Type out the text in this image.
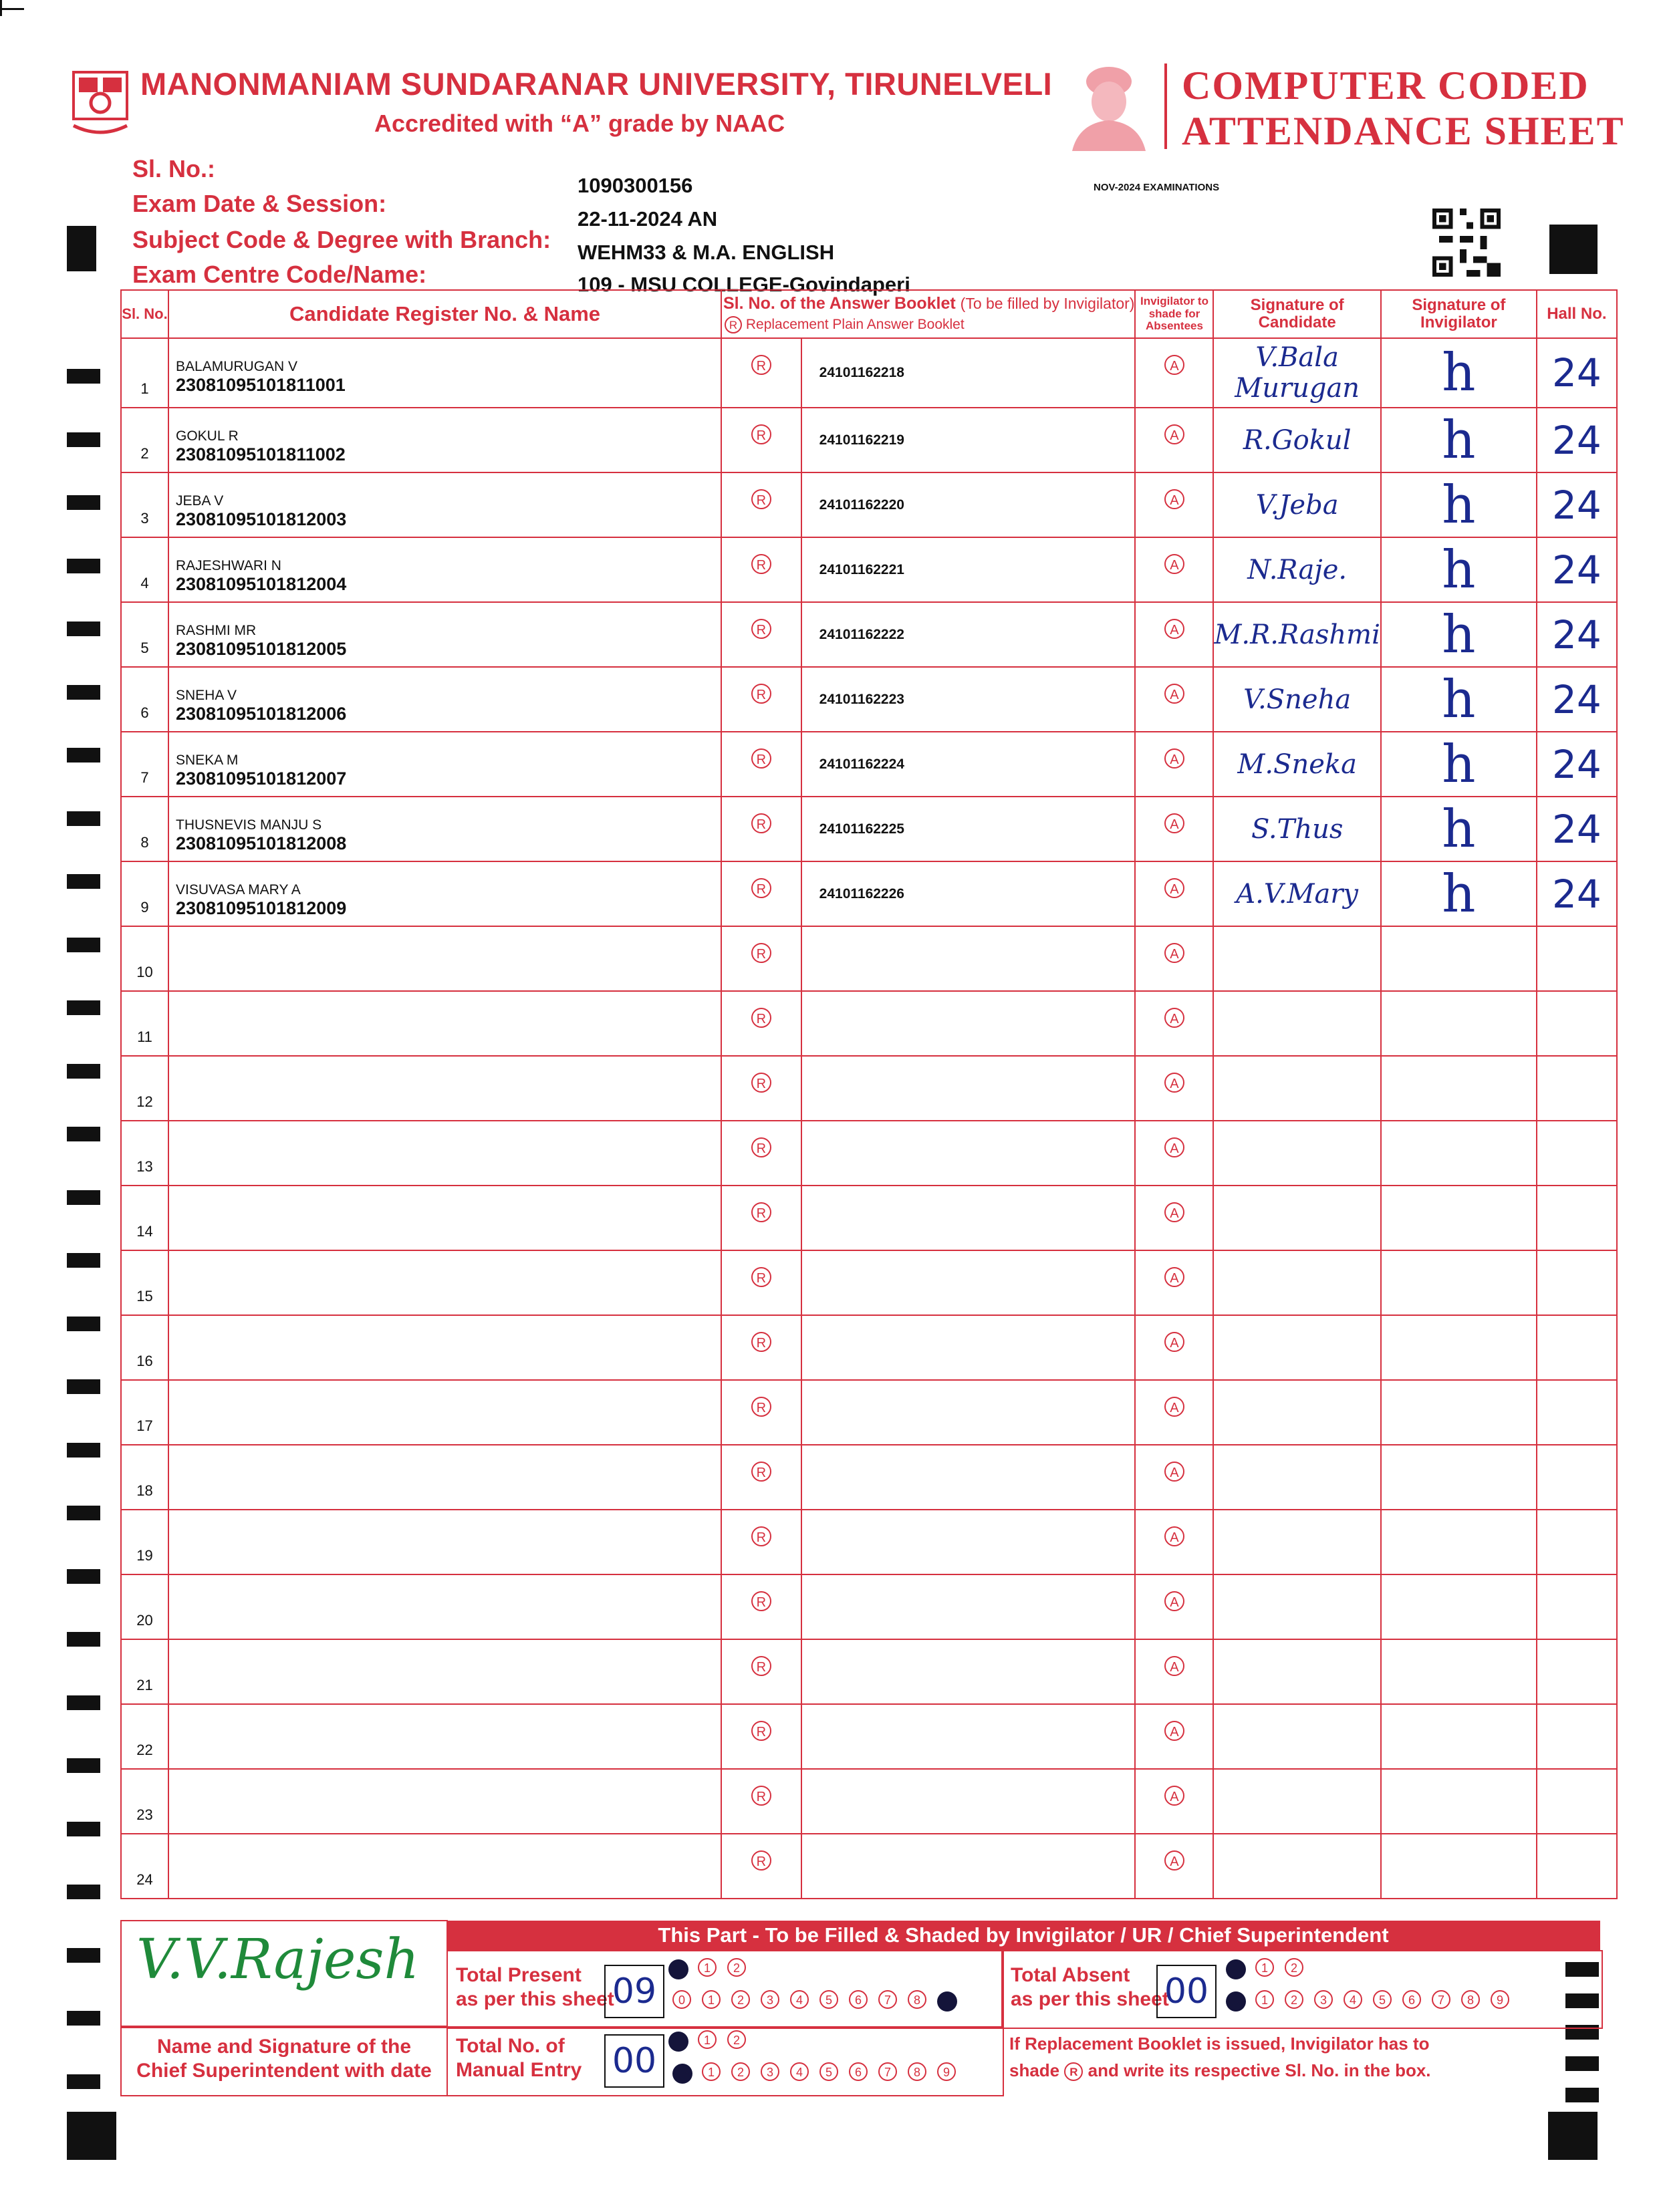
MANONMANIAM SUNDARANAR UNIVERSITY, TIRUNELVELI
Accredited with “A” grade by NAAC
COMPUTER CODED
ATTENDANCE SHEET
Sl. No.:
Exam Date & Session:
Subject Code & Degree with Branch:
Exam Centre Code/Name:
1090300156
22-11-2024 AN
WEHM33 & M.A. ENGLISH
109 - MSU COLLEGE-Govindaperi
NOV-2024 EXAMINATIONS
Sl. No.	Candidate Register No. & Name	Sl. No. of the Answer Booklet (To be filled by Invigilator)
R Replacement Plain Answer Booklet		Invigilator to shade for Absentees	Signature of Candidate	Signature of Invigilator	Hall No.

1	BALAMURUGAN V
23081095101811001	R	24101162218	A	V.Bala Murugan	h	24

2	GOKUL R
23081095101811002	R	24101162219	A	R.Gokul	h	24

3	JEBA V
23081095101812003	R	24101162220	A	V.Jeba	h	24

4	RAJESHWARI N
23081095101812004	R	24101162221	A	N.Raje.	h	24

5	RASHMI MR
23081095101812005	R	24101162222	A	M.R.Rashmi	h	24

6	SNEHA V
23081095101812006	R	24101162223	A	V.Sneha	h	24

7	SNEKA M
23081095101812007	R	24101162224	A	M.Sneka	h	24

8	THUSNEVIS MANJU S
23081095101812008	R	24101162225	A	S.Thus	h	24

9	VISUVASA MARY A
23081095101812009	R	24101162226	A	A.V.Mary	h	24

10		R		A			

11		R		A			

12		R		A			

13		R		A			

14		R		A			

15		R		A			

16		R		A			

17		R		A			

18		R		A			

19		R		A			

20		R		A			

21		R		A			

22		R		A			

23		R		A			

24		R		A			

V.V.Rajesh
Name and Signature of the Chief Superintendent with date
This Part - To be Filled & Shaded by Invigilator / UR / Chief Superintendent
Total Present
as per this sheet
09
1 2
0 1 2 3 4 5 6 7 8
Total Absent
as per this sheet
00
1 2
1 2 3 4 5 6 7 8 9
Total No. of
Manual Entry 00
1 2
1 2 3 4 5 6 7 8 9
If Replacement Booklet is issued, Invigilator has to
shade R and write its respective Sl. No. in the box.
